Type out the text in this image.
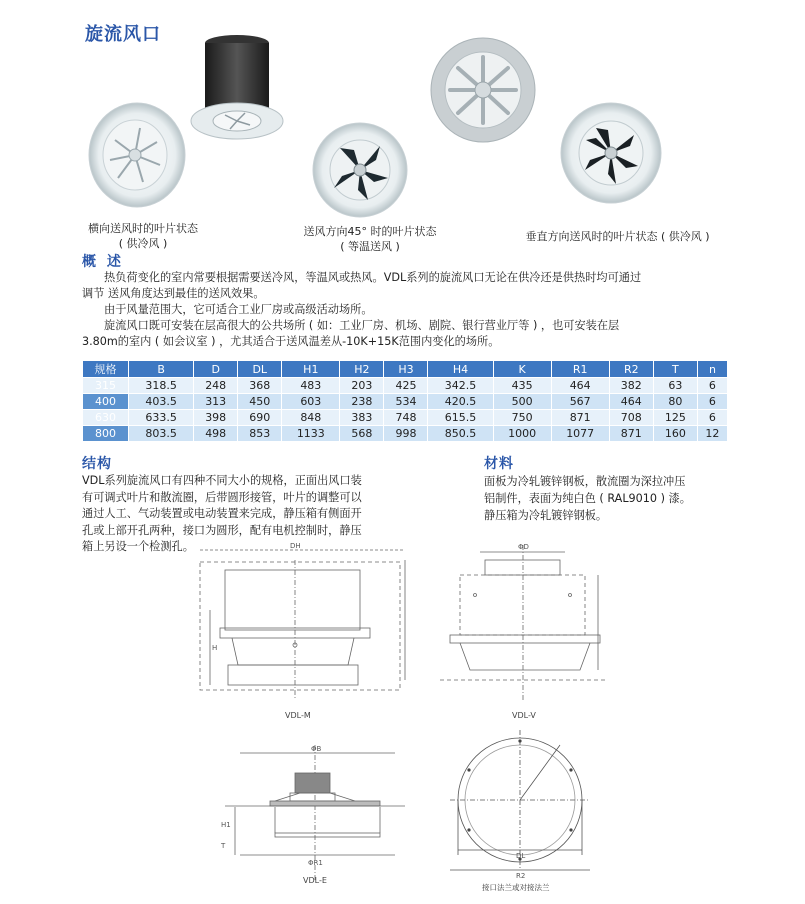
旋流风口
横向送风时的叶片状态
( 供冷风 )
送风方向45° 时的叶片状态
( 等温送风 )
垂直方向送风时的叶片状态 ( 供冷风 )
概 述
热负荷变化的室内常要根据需要送冷风，等温风或热风。VDL系列的旋流风口无论在供冷还是供热时均可通过
调节 送风角度达到最佳的送风效果。
由于风量范围大，它可适合工业厂房或高级活动场所。
旋流风口既可安装在层高很大的公共场所 ( 如：工业厂房、机场、剧院、银行营业厅等 ) ，也可安装在层
3.80m的室内 ( 如会议室 ) ，尤其适合于送风温差从-10K+15K范围内变化的场所。
规格	B	D	DL	H1	H2	H3	H4	K	R1	R2	T	n
315	318.5	248	368	483	203	425	342.5	435	464	382	63	6
400	403.5	313	450	603	238	534	420.5	500	567	464	80	6
630	633.5	398	690	848	383	748	615.5	750	871	708	125	6
800	803.5	498	853	1133	568	998	850.5	1000	1077	871	160	12
结构
VDL系列旋流风口有四种不同大小的规格，正面出风口装
有可调式叶片和散流圈，后带圆形接管，叶片的调整可以
通过人工、气动装置或电动装置来完成，静压箱有侧面开
孔或上部开孔两种，接口为圆形，配有电机控制时，静压
箱上另设一个检测孔。
材料
面板为冷轧镀锌钢板，散流圈为深拉冲压
铝制件，表面为纯白色 ( RAL9010 ) 漆。
静压箱为冷轧镀锌钢板。
DH
H
VDL-M
ΦD
VDL-V
ΦB
H1
T
ΦR1
VDL-E
DL
R2
接口法兰或对接法兰
